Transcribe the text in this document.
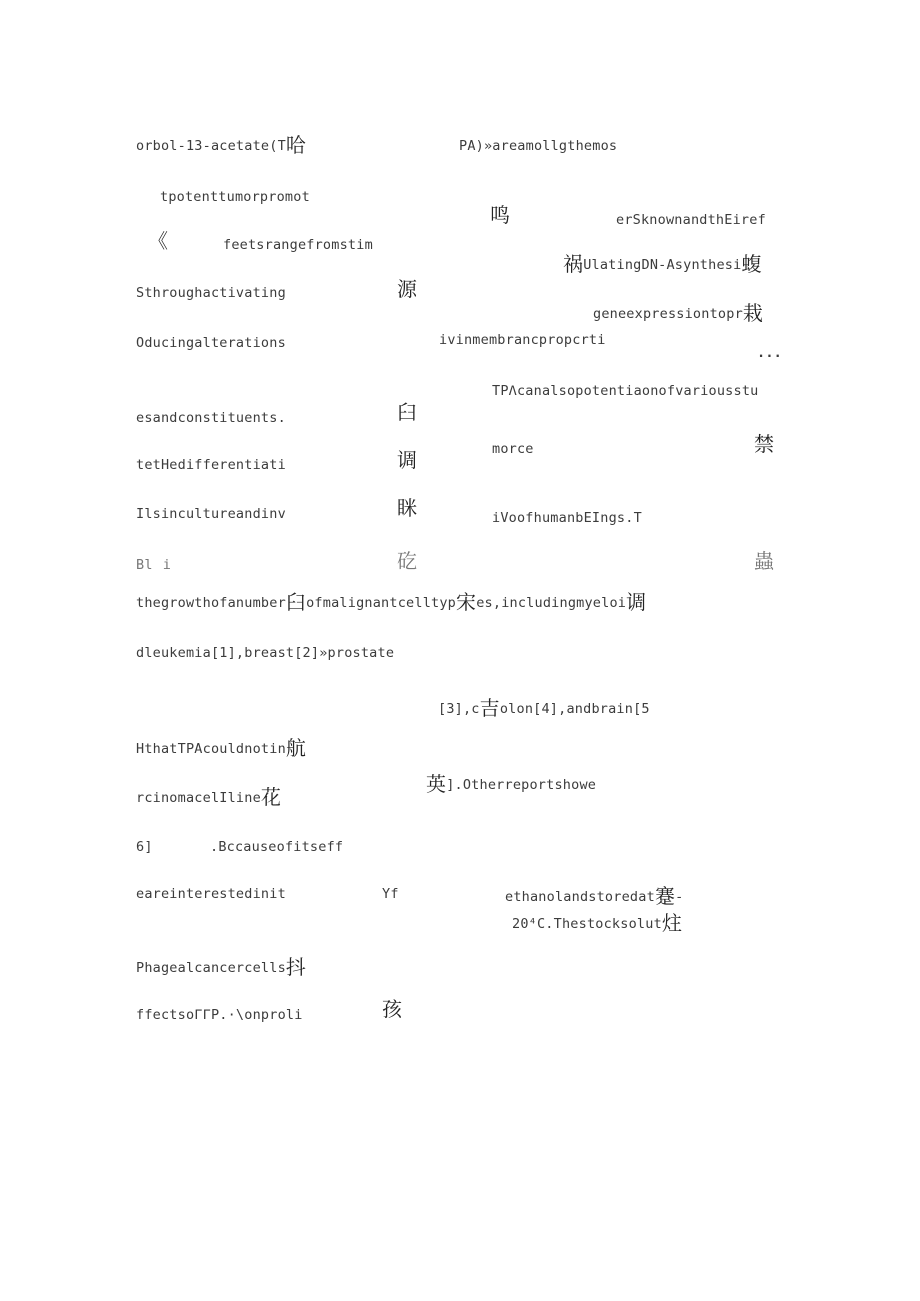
orbol-13-acetate(T哈	PA)»areamollgthemos
tpotenttumorpromot
鸣	erSknownandthEiref
《	feetsrangefromstim
祸UlatingDN-Asynthesi蝮
Sthroughactivating	源
geneexpressiontopr栽
Oducingalterations	ivinmembrancpropcrti
...
TPΛcanalsopotentiaonofvariousstu
esandconstituents.	臼
morce	禁
tetHedifferentiati	调
Ilsincultureandinv	眯	iVoofhumanbEIngs.T
Bl i	矻	蟲
thegrowthofanumber臼ofmalignantcelltyp宋es,includingmyeloi调
dleukemia[1],breast[2]»prostate
[3],c吉olon[4],andbrain[5
HthatTPAcouldnotin航
英].Otherreportshowe
rcinomacelIline花
6]	.Bccauseofitseff
eareinterestedinit	Yf	ethanolandstoredat蹇-
20⁴C.Thestocksolut炷
Phagealcancercells抖
ffectsoΓΓP.·\onproli	孩
